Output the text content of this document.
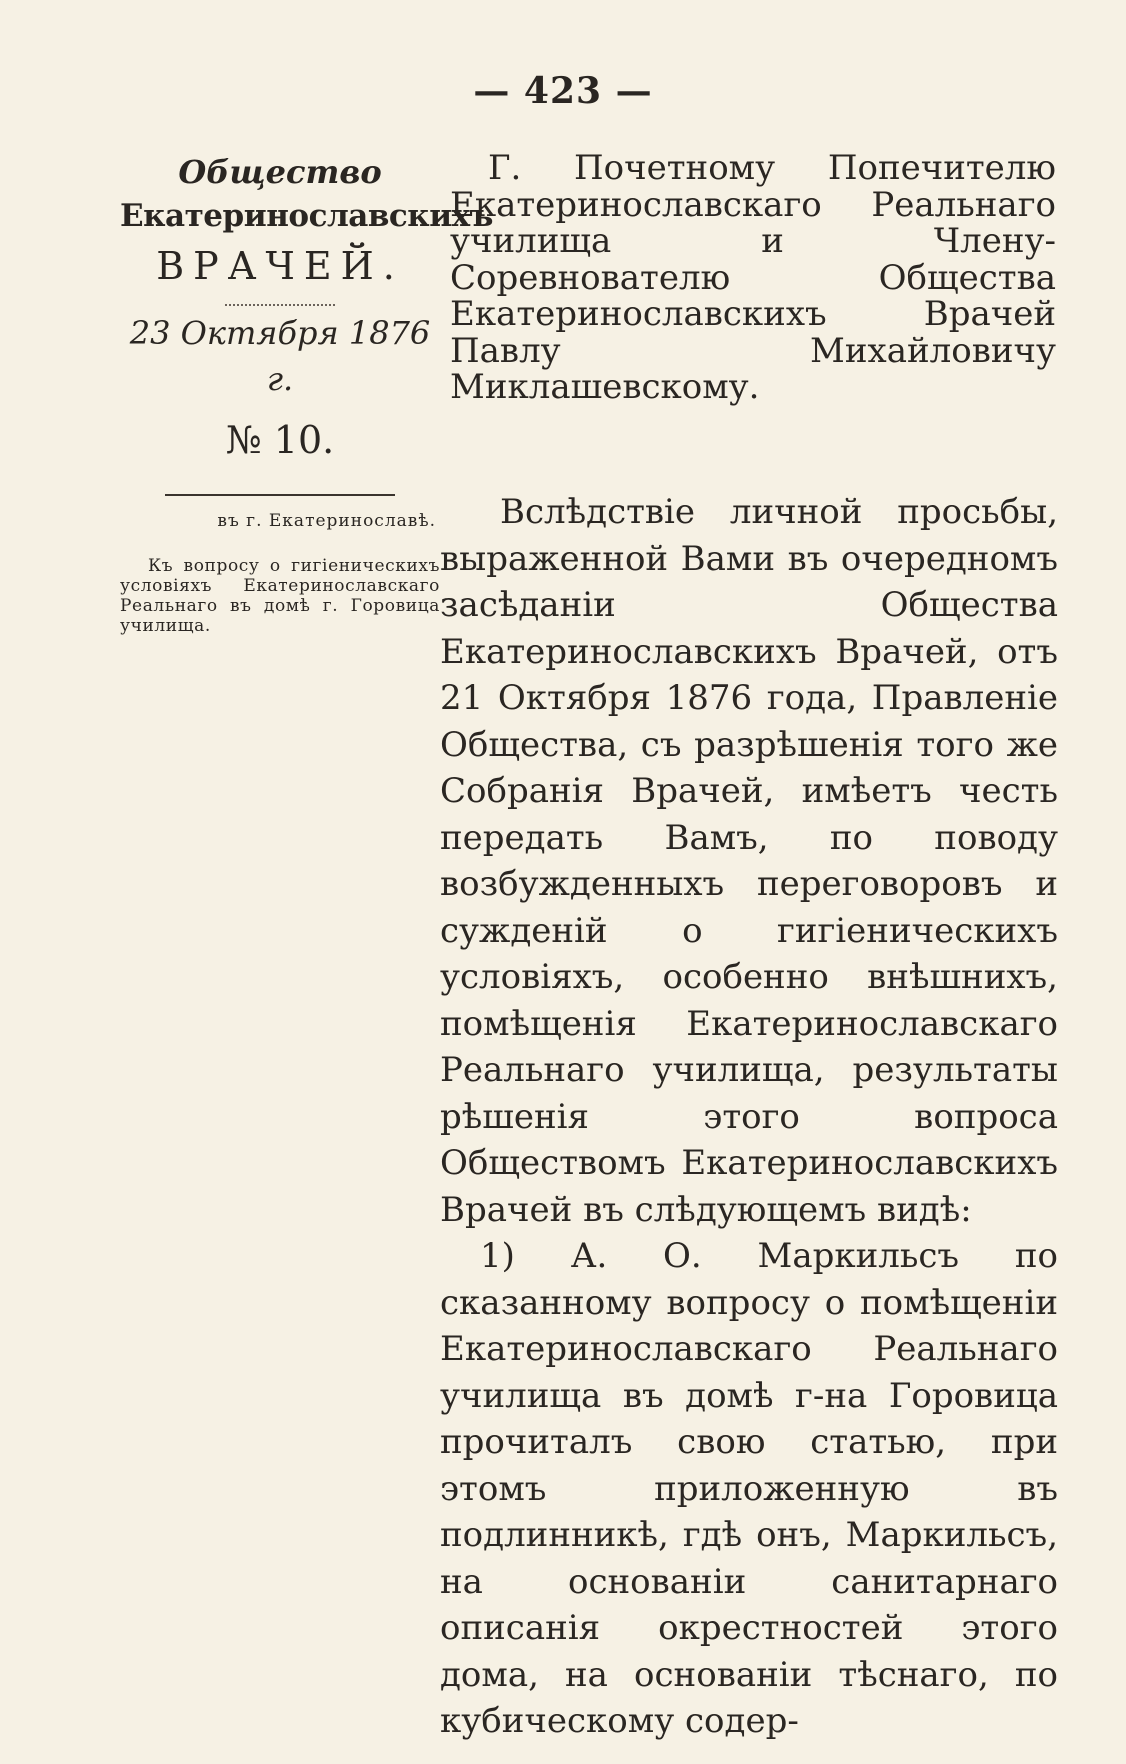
— 423 —
Общество
Екатеринославскихъ
ВРАЧЕЙ.
23 Октября 1876 г.
№ 10.
въ г. Екатеринославѣ.
Къ вопросу о гигіеническихъ условіяхъ Екатеринославскаго Реальнаго въ домѣ г. Горовица училища.

Г. Почетному Попечителю Екатеринославскаго Реальнаго училища и Члену-Соревнователю Общества Екатеринославскихъ Врачей Павлу Михайловичу Миклашевскому.

Вслѣдствіе личной просьбы, выраженной Вами въ очередномъ засѣданіи Общества Екатеринославскихъ Врачей, отъ 21 Октября 1876 года, Правленіе Общества, съ разрѣшенія того же Собранія Врачей, имѣетъ честь передать Вамъ, по поводу возбужденныхъ переговоровъ и сужденій о гигіеническихъ условіяхъ, особенно внѣшнихъ, помѣщенія Екатеринославскаго Реальнаго училища, результаты рѣшенія этого вопроса Обществомъ Екатеринославскихъ Врачей въ слѣдующемъ видѣ:

1) А. О. Маркильсъ по сказанному вопросу о помѣщеніи Екатеринославскаго Реальнаго училища въ домѣ г-на Горовица прочиталъ свою статью, при этомъ приложенную въ подлинникѣ, гдѣ онъ, Маркильсъ, на основаніи санитарнаго описанія окрестностей этого дома, на основаніи тѣснаго, по кубическому содер-
